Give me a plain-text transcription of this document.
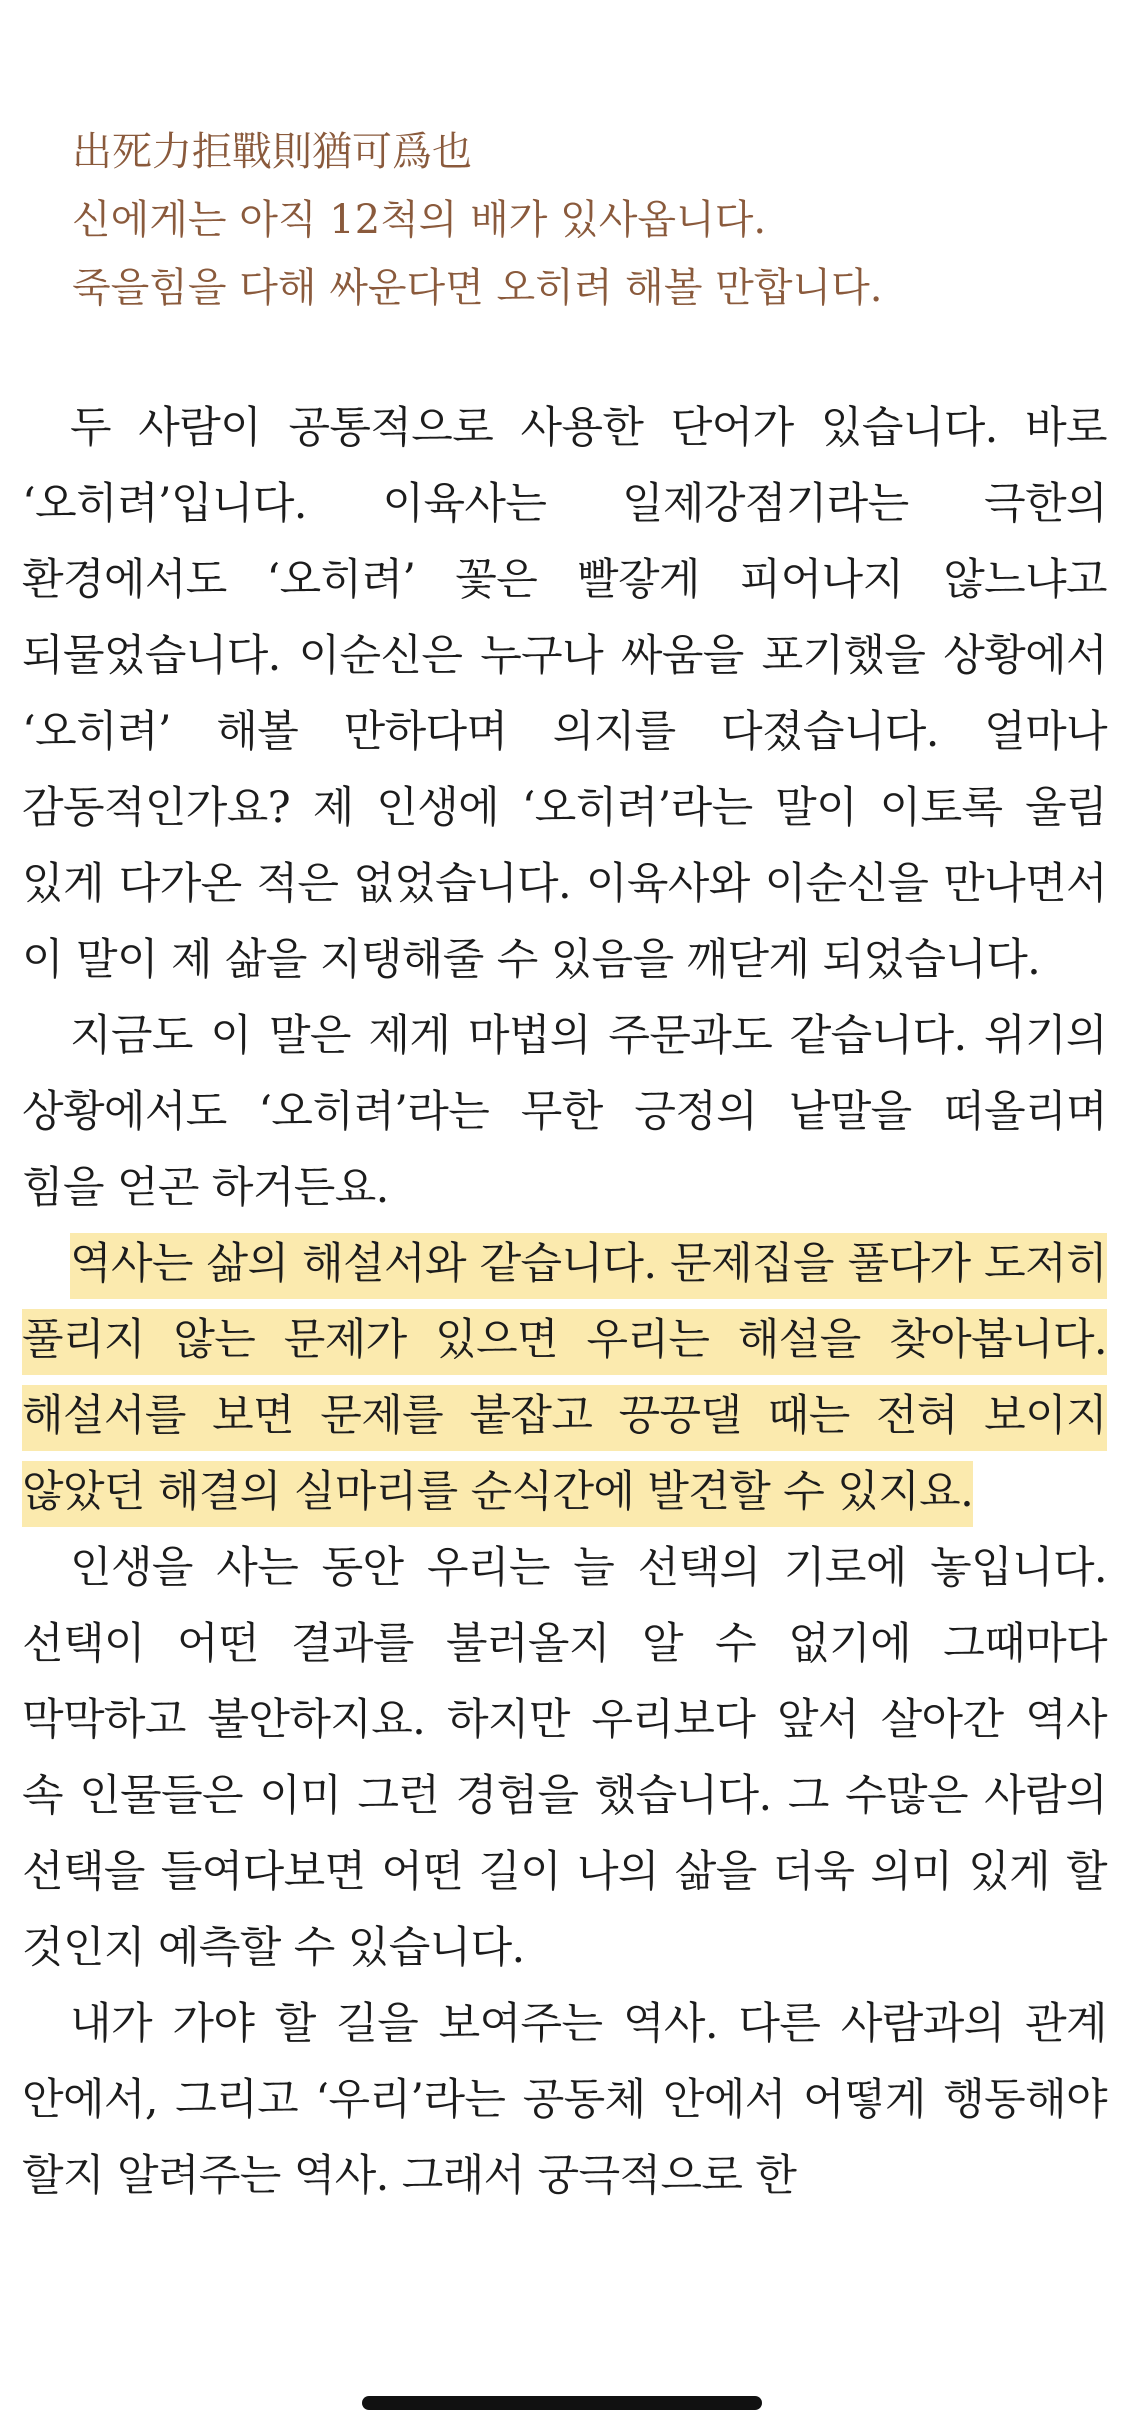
出死力拒戰則猶可爲也
신에게는 아직 12척의 배가 있사옵니다.
죽을힘을 다해 싸운다면 오히려 해볼 만합니다.

두 사람이 공통적으로 사용한 단어가 있습니다. 바로 ‘오히려’입니다. 이육사는 일제강점기라는 극한의 환경에서도 ‘오히려’ 꽃은 빨갛게 피어나지 않느냐고 되물었습니다. 이순신은 누구나 싸움을 포기했을 상황에서 ‘오히려’ 해볼 만하다며 의지를 다졌습니다. 얼마나 감동적인가요? 제 인생에 ‘오히려’라는 말이 이토록 울림 있게 다가온 적은 없었습니다. 이육사와 이순신을 만나면서 이 말이 제 삶을 지탱해줄 수 있음을 깨닫게 되었습니다.

지금도 이 말은 제게 마법의 주문과도 같습니다. 위기의 상황에서도 ‘오히려’라는 무한 긍정의 낱말을 떠올리며 힘을 얻곤 하거든요.

역사는 삶의 해설서와 같습니다. 문제집을 풀다가 도저히 풀리지 않는 문제가 있으면 우리는 해설을 찾아봅니다. 해설서를 보면 문제를 붙잡고 끙끙댈 때는 전혀 보이지 않았던 해결의 실마리를 순식간에 발견할 수 있지요.

인생을 사는 동안 우리는 늘 선택의 기로에 놓입니다. 선택이 어떤 결과를 불러올지 알 수 없기에 그때마다 막막하고 불안하지요. 하지만 우리보다 앞서 살아간 역사 속 인물들은 이미 그런 경험을 했습니다. 그 수많은 사람의 선택을 들여다보면 어떤 길이 나의 삶을 더욱 의미 있게 할 것인지 예측할 수 있습니다.

내가 가야 할 길을 보여주는 역사. 다른 사람과의 관계 안에서, 그리고 ‘우리’라는 공동체 안에서 어떻게 행동해야 할지 알려주는 역사. 그래서 궁극적으로 한
